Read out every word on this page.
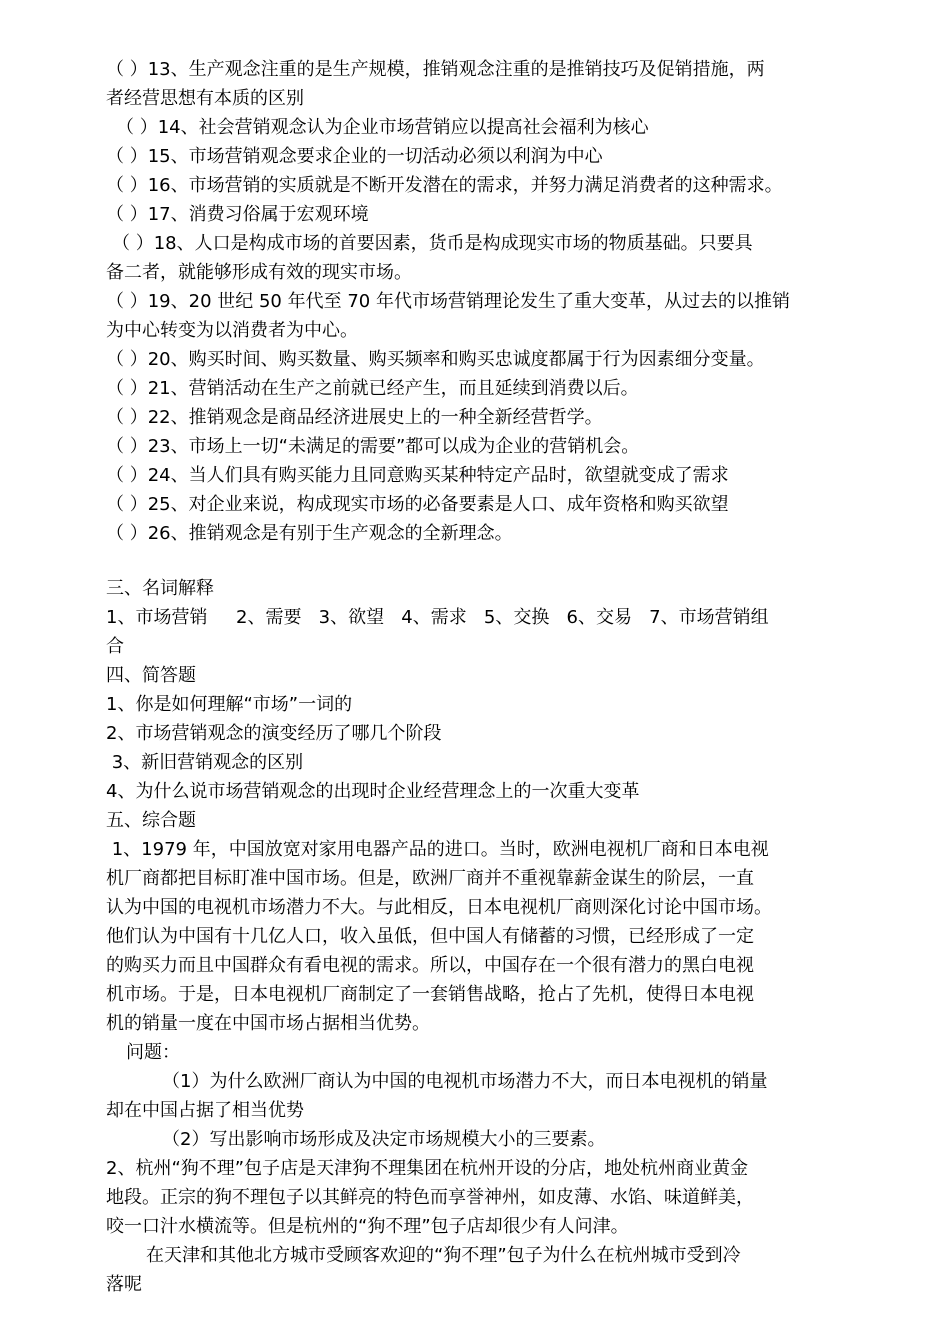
（ ）13、生产观念注重的是生产规模，推销观念注重的是推销技巧及促销措施，两
者经营思想有本质的区别
（ ）14、社会营销观念认为企业市场营销应以提高社会福利为核心
（ ）15、市场营销观念要求企业的一切活动必须以利润为中心
（ ）16、市场营销的实质就是不断开发潜在的需求，并努力满足消费者的这种需求。
（ ）17、消费习俗属于宏观环境
（ ）18、人口是构成市场的首要因素，货币是构成现实市场的物质基础。只要具
备二者，就能够形成有效的现实市场。
（ ）19、20 世纪 50 年代至 70 年代市场营销理论发生了重大变革，从过去的以推销
为中心转变为以消费者为中心。
（ ）20、购买时间、购买数量、购买频率和购买忠诚度都属于行为因素细分变量。
（ ）21、营销活动在生产之前就已经产生，而且延续到消费以后。
（ ）22、推销观念是商品经济进展史上的一种全新经营哲学。
（ ）23、市场上一切“未满足的需要”都可以成为企业的营销机会。
（ ）24、当人们具有购买能力且同意购买某种特定产品时，欲望就变成了需求
（ ）25、对企业来说，构成现实市场的必备要素是人口、成年资格和购买欲望
（ ）26、推销观念是有别于生产观念的全新理念。
三、名词解释
1、市场营销     2、需要   3、欲望   4、需求   5、交换   6、交易   7、市场营销组
合
四、简答题
1、你是如何理解“市场”一词的
2、市场营销观念的演变经历了哪几个阶段
3、新旧营销观念的区别
4、为什么说市场营销观念的出现时企业经营理念上的一次重大变革
五、综合题
1、1979 年，中国放宽对家用电器产品的进口。当时，欧洲电视机厂商和日本电视
机厂商都把目标盯准中国市场。但是，欧洲厂商并不重视靠薪金谋生的阶层，一直
认为中国的电视机市场潜力不大。与此相反，日本电视机厂商则深化讨论中国市场。
他们认为中国有十几亿人口，收入虽低，但中国人有储蓄的习惯，已经形成了一定
的购买力而且中国群众有看电视的需求。所以，中国存在一个很有潜力的黑白电视
机市场。于是，日本电视机厂商制定了一套销售战略，抢占了先机，使得日本电视
机的销量一度在中国市场占据相当优势。
问题：
（1）为什么欧洲厂商认为中国的电视机市场潜力不大，而日本电视机的销量
却在中国占据了相当优势
（2）写出影响市场形成及决定市场规模大小的三要素。
2、杭州“狗不理”包子店是天津狗不理集团在杭州开设的分店，地处杭州商业黄金
地段。正宗的狗不理包子以其鲜亮的特色而享誉神州，如皮薄、水馅、味道鲜美，
咬一口汁水横流等。但是杭州的“狗不理”包子店却很少有人问津。
在天津和其他北方城市受顾客欢迎的“狗不理”包子为什么在杭州城市受到冷
落呢
